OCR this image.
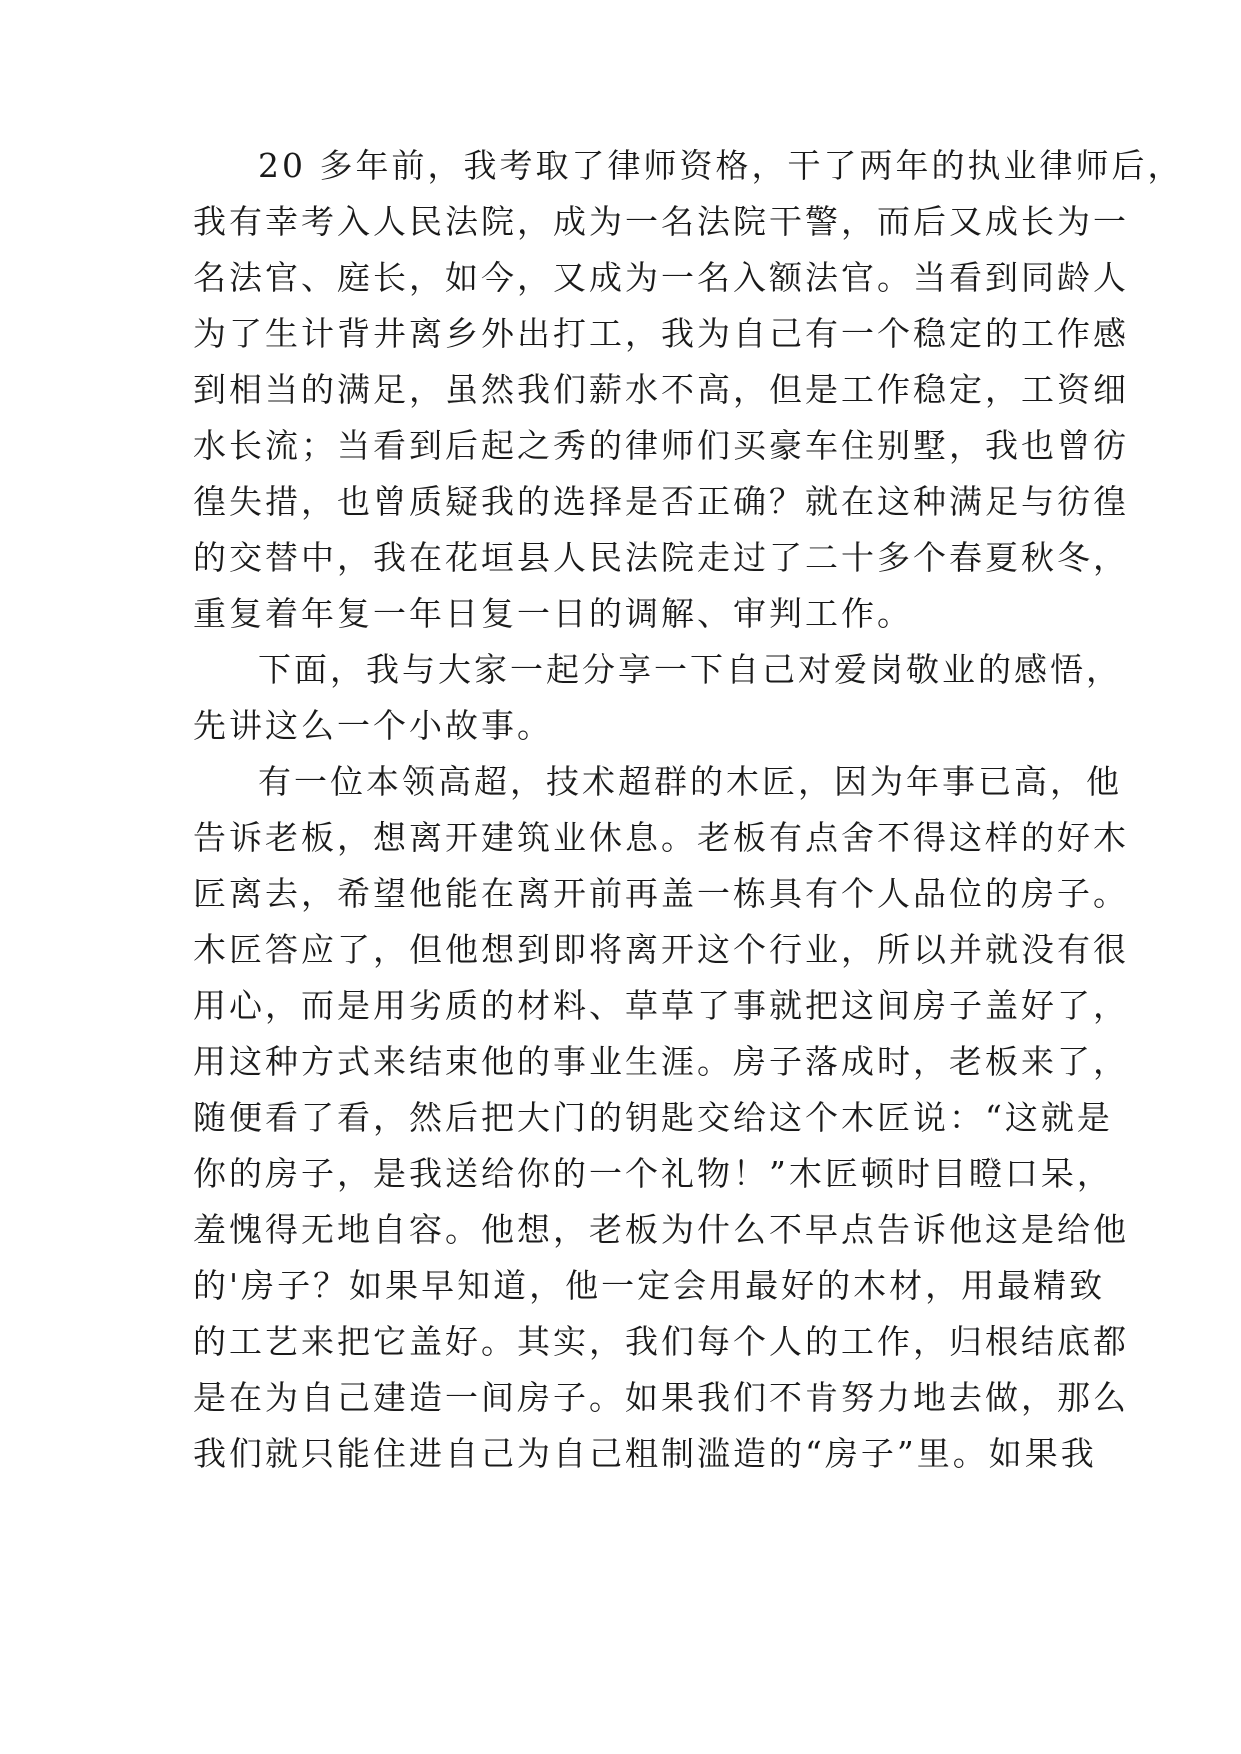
20 多年前，我考取了律师资格，干了两年的执业律师后，
我有幸考入人民法院，成为一名法院干警，而后又成长为一
名法官、庭长，如今，又成为一名入额法官。当看到同龄人
为了生计背井离乡外出打工，我为自己有一个稳定的工作感
到相当的满足，虽然我们薪水不高，但是工作稳定，工资细
水长流；当看到后起之秀的律师们买豪车住别墅，我也曾彷
徨失措，也曾质疑我的选择是否正确？就在这种满足与彷徨
的交替中，我在花垣县人民法院走过了二十多个春夏秋冬，
重复着年复一年日复一日的调解、审判工作。
下面，我与大家一起分享一下自己对爱岗敬业的感悟，
先讲这么一个小故事。
有一位本领高超，技术超群的木匠，因为年事已高，他
告诉老板，想离开建筑业休息。老板有点舍不得这样的好木
匠离去，希望他能在离开前再盖一栋具有个人品位的房子。
木匠答应了，但他想到即将离开这个行业，所以并就没有很
用心，而是用劣质的材料、草草了事就把这间房子盖好了，
用这种方式来结束他的事业生涯。房子落成时，老板来了，
随便看了看，然后把大门的钥匙交给这个木匠说：“这就是
你的房子，是我送给你的一个礼物！”木匠顿时目瞪口呆，
羞愧得无地自容。他想，老板为什么不早点告诉他这是给他
的'房子？如果早知道，他一定会用最好的木材，用最精致
的工艺来把它盖好。其实，我们每个人的工作，归根结底都
是在为自己建造一间房子。如果我们不肯努力地去做，那么
我们就只能住进自己为自己粗制滥造的“房子”里。如果我
